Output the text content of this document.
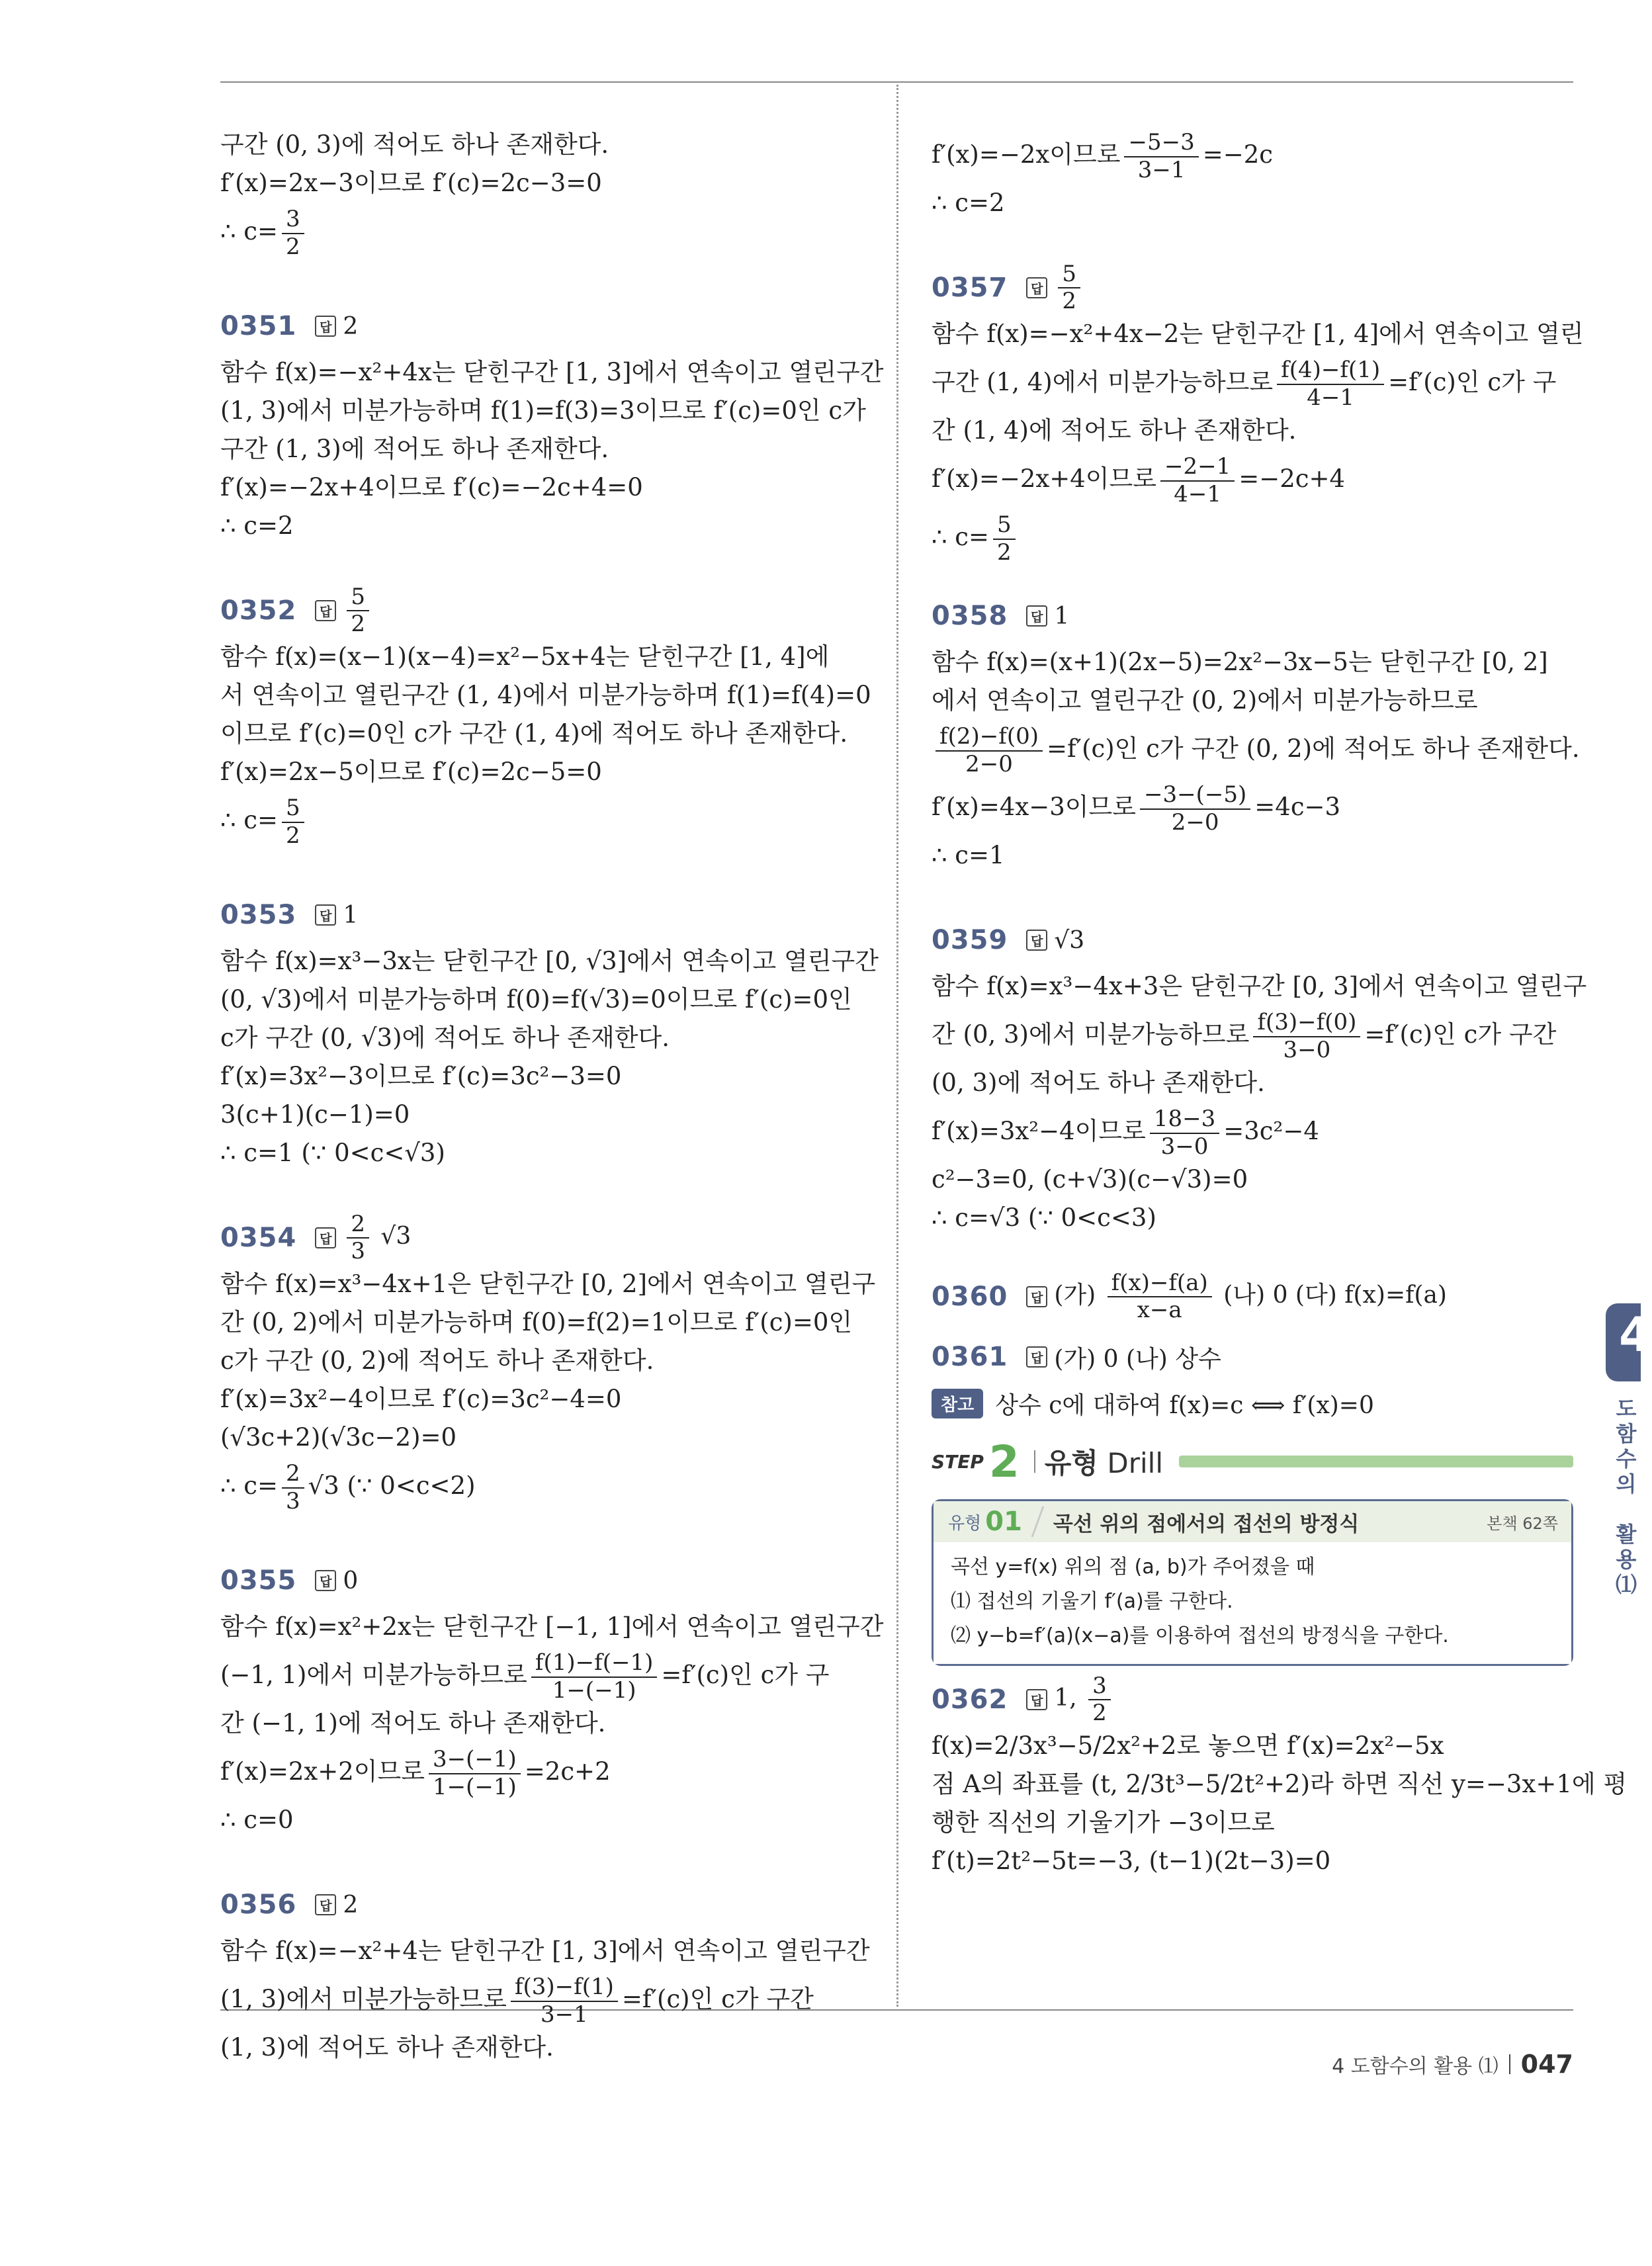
구간 (0, 3)에 적어도 하나 존재한다.
f′(x)=2x−3이므로 f′(c)=2c−3=0
∴ $c= \frac{3}{2}$
0351	답 2
함수 f(x)=−x²+4x는 닫힌구간 [1, 3]에서 연속이고 열린구간
(1, 3)에서 미분가능하며 f(1)=f(3)=3이므로 f′(c)=0인 c가
구간 (1, 3)에 적어도 하나 존재한다.
f′(x)=−2x+4이므로 f′(c)=−2c+4=0
∴ c=2
0352	답 $\frac{5}{2}$
함수 f(x)=(x−1)(x−4)=x²−5x+4는 닫힌구간 [1, 4]에
서 연속이고 열린구간 (1, 4)에서 미분가능하며 f(1)=f(4)=0
이므로 f′(c)=0인 c가 구간 (1, 4)에 적어도 하나 존재한다.
f′(x)=2x−5이므로 f′(c)=2c−5=0
∴ $c= \frac{5}{2}$
0353	답 1
함수 f(x)=x³−3x는 닫힌구간 [0, √3]에서 연속이고 열린구간
(0, √3)에서 미분가능하며 f(0)=f(√3)=0이므로 f′(c)=0인
c가 구간 (0, √3)에 적어도 하나 존재한다.
f′(x)=3x²−3이므로 f′(c)=3c²−3=0
3(c+1)(c−1)=0
∴ c=1 (∵ 0<c<√3)
0354	답 $\frac{2}{3} √3$
함수 f(x)=x³−4x+1은 닫힌구간 [0, 2]에서 연속이고 열린구
간 (0, 2)에서 미분가능하며 f(0)=f(2)=1이므로 f′(c)=0인
c가 구간 (0, 2)에 적어도 하나 존재한다.
f′(x)=3x²−4이므로 f′(c)=3c²−4=0
(√3c+2)(√3c−2)=0
∴ $c= \frac{2}{3} √3$ (∵ 0<c<2)
0355	답 0
함수 f(x)=x²+2x는 닫힌구간 [−1, 1]에서 연속이고 열린구간
(−1, 1)에서 미분가능하므로 $\frac{f(1)-f(-1)}{1-(-1)} =f'(c)$인 c가 구
간 (−1, 1)에 적어도 하나 존재한다.
f′(x)=2x+2이므로 $\frac{3-(-1)}{1-(-1)} =2c+2$
∴ c=0
0356	답 2
함수 f(x)=−x²+4는 닫힌구간 [1, 3]에서 연속이고 열린구간
(1, 3)에서 미분가능하므로 $\frac{f(3)-f(1)}{3-1} =f'(c)$인 c가 구간
(1, 3)에 적어도 하나 존재한다.
f′(x)=−2x이므로 $\frac{-5-3}{3-1} =-2c$
∴ c=2
0357	답 $\frac{5}{2}$
함수 f(x)=−x²+4x−2는 닫힌구간 [1, 4]에서 연속이고 열린
구간 (1, 4)에서 미분가능하므로 $\frac{f(4)-f(1)}{4-1} =f'(c)$인 c가 구
간 (1, 4)에 적어도 하나 존재한다.
f′(x)=−2x+4이므로 $\frac{-2-1}{4-1} =-2c+4$
∴ $c= \frac{5}{2}$
0358	답 1
함수 f(x)=(x+1)(2x−5)=2x²−3x−5는 닫힌구간 [0, 2]
에서 연속이고 열린구간 (0, 2)에서 미분가능하므로
$\frac{f(2)-f(0)}{2-0} =f'(c)$인 c가 구간 (0, 2)에 적어도 하나 존재한다.
f′(x)=4x−3이므로 $\frac{-3-(-5)}{2-0} =4c-3$
∴ c=1
0359	답 √3
함수 f(x)=x³−4x+3은 닫힌구간 [0, 3]에서 연속이고 열린구
간 (0, 3)에서 미분가능하므로 $\frac{f(3)-f(0)}{3-0} =f'(c)$인 c가 구간
(0, 3)에 적어도 하나 존재한다.
f′(x)=3x²−4이므로 $\frac{18-3}{3-0} =3c^2-4$
c²−3=0, (c+√3)(c−√3)=0
∴ c=√3 (∵ 0<c<3)
0360	답 (가) $\frac{f(x)-f(a)}{x-a}$ (나) 0 (다) f(x)=f(a)
0361	답 (가) 0 (나) 상수
참고 상수 c에 대하여 f(x)=c ⟺ f′(x)=0
STEP 2 유형 Drill
유형 01 곡선 위의 점에서의 접선의 방정식	본책 62쪽
곡선 y=f(x) 위의 점 (a, b)가 주어졌을 때
⑴ 접선의 기울기 f′(a)를 구한다.
⑵ y−b=f′(a)(x−a)를 이용하여 접선의 방정식을 구한다.
0362	답 1, $\frac{3}{2}$
f(x)=2/3x³−5/2x²+2로 놓으면 f′(x)=2x²−5x
점 A의 좌표를 (t, 2/3t³−5/2t²+2)라 하면 직선 y=−3x+1에 평
행한 직선의 기울기가 −3이므로
f′(t)=2t²−5t=−3, (t−1)(2t−3)=0
4
도
함
수
의

활
용
⑴
4 도함수의 활용 ⑴ 047
